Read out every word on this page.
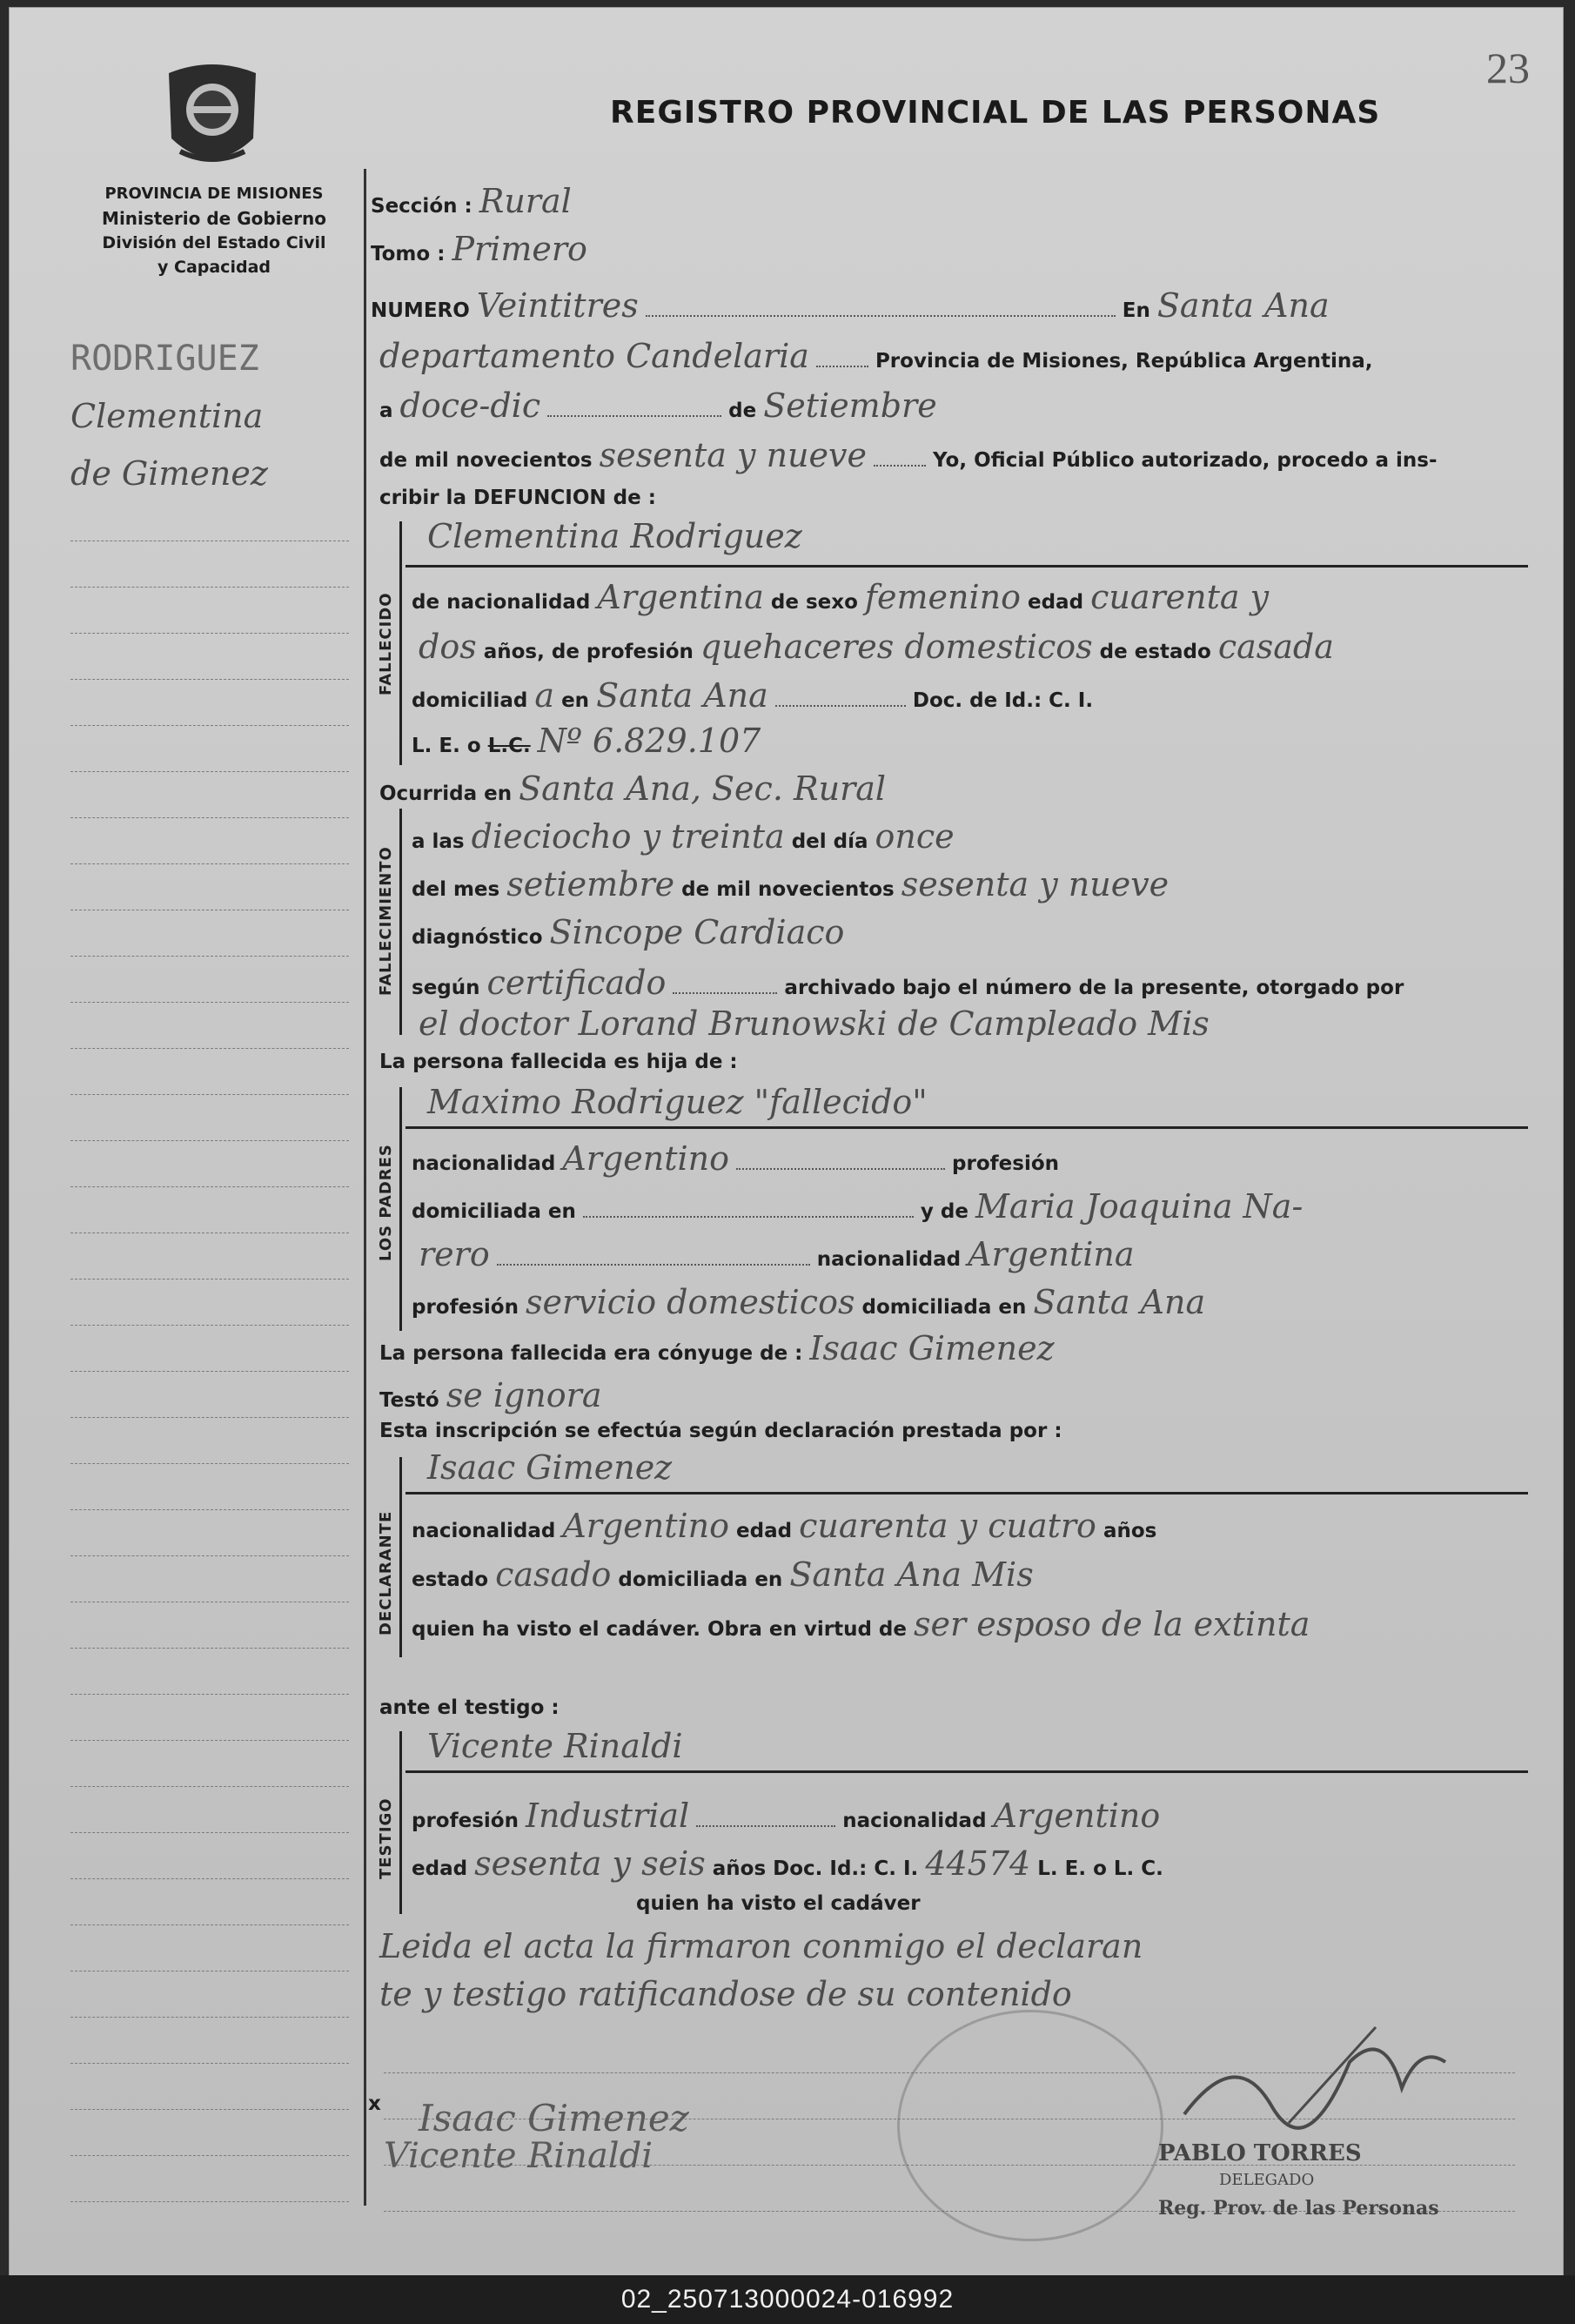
23
PROVINCIA DE MISIONES
Ministerio de Gobierno
División del Estado Civil
y Capacidad
REGISTRO PROVINCIAL DE LAS PERSONAS
RODRIGUEZ
Clementina
de Gimenez
Sección : Rural
Tomo : Primero
NUMERO Veintitres	En Santa Ana
departamento Candelaria	Provincia de Misiones, República Argentina,
a doce-dic	de Setiembre
de mil novecientos sesenta y nueve	Yo, Oficial Público autorizado, procedo a ins-
cribir la DEFUNCION de :
FALLECIDO
Clementina Rodriguez
de nacionalidad Argentina de sexo femenino edad cuarenta y
dos años, de profesión quehaceres domesticos de estado casada
domiciliad a en Santa Ana	Doc. de Id.: C. I.
L. E. o L.C. Nº 6.829.107
Ocurrida en Santa Ana, Sec. Rural
FALLECIMIENTO
a las dieciocho y treinta del día once
del mes setiembre de mil novecientos sesenta y nueve
diagnóstico Sincope Cardiaco
según certificado	archivado bajo el número de la presente, otorgado por
el doctor Lorand Brunowski de Campleado Mis
La persona fallecida es hija de :
LOS PADRES
Maximo Rodriguez "fallecido"
nacionalidad Argentino	profesión
domiciliada en	y de Maria Joaquina Na-
rero	nacionalidad Argentina
profesión servicio domesticos domiciliada en Santa Ana
La persona fallecida era cónyuge de : Isaac Gimenez
Testó se ignora
Esta inscripción se efectúa según declaración prestada por :
DECLARANTE
Isaac Gimenez
nacionalidad Argentino edad cuarenta y cuatro años
estado casado domiciliada en Santa Ana Mis
quien ha visto el cadáver. Obra en virtud de ser esposo de la extinta
ante el testigo :
TESTIGO
Vicente Rinaldi
profesión Industrial	nacionalidad Argentino
edad sesenta y seis años Doc. Id.: C. I. 44574 L. E. o L. C.
quien ha visto el cadáver
Leida el acta la firmaron conmigo el declaran
te y testigo ratificandose de su contenido
x Isaac Gimenez
Vicente Rinaldi	PABLO TORRES
DELEGADO
Reg. Prov. de las Personas
02_250713000024-016992
